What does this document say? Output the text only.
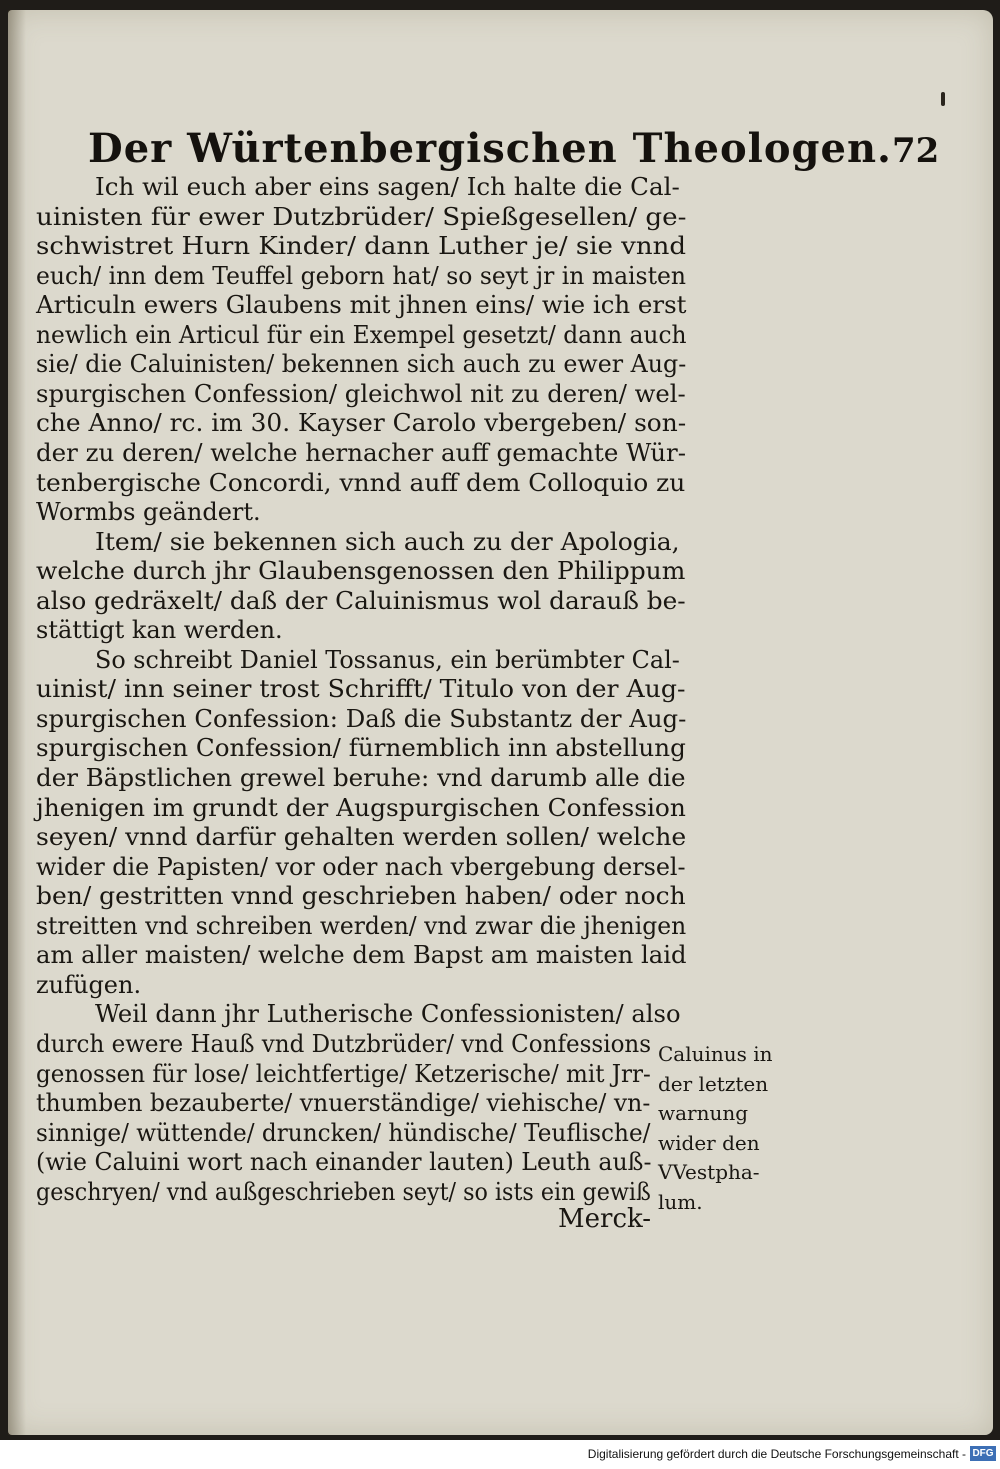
Der Würtenbergischen Theologen. 72
Ich wil euch aber eins sagen/ Ich halte die Cal-
uinisten für ewer Dutzbrüder/ Spießgesellen/ ge-
schwistret Hurn Kinder/ dann Luther je/ sie vnnd
euch/ inn dem Teuffel geborn hat/ so seyt jr in maisten
Articuln ewers Glaubens mit jhnen eins/ wie ich erst
newlich ein Articul für ein Exempel gesetzt/ dann auch
sie/ die Caluinisten/ bekennen sich auch zu ewer Aug-
spurgischen Confession/ gleichwol nit zu deren/ wel-
che Anno/ rc. im 30. Kayser Carolo vbergeben/ son-
der zu deren/ welche hernacher auff gemachte Wür-
tenbergische Concordi, vnnd auff dem Colloquio zu
Wormbs geändert.
Item/ sie bekennen sich auch zu der Apologia,
welche durch jhr Glaubensgenossen den Philippum
also gedräxelt/ daß der Caluinismus wol darauß be-
stättigt kan werden.
So schreibt Daniel Tossanus, ein berümbter Cal-
uinist/ inn seiner trost Schrifft/ Titulo von der Aug-
spurgischen Confession: Daß die Substantz der Aug-
spurgischen Confession/ fürnemblich inn abstellung
der Bäpstlichen grewel beruhe: vnd darumb alle die
jhenigen im grundt der Augspurgischen Confession
seyen/ vnnd darfür gehalten werden sollen/ welche
wider die Papisten/ vor oder nach vbergebung dersel-
ben/ gestritten vnnd geschrieben haben/ oder noch
streitten vnd schreiben werden/ vnd zwar die jhenigen
am aller maisten/ welche dem Bapst am maisten laid
zufügen.
Weil dann jhr Lutherische Confessionisten/ also
durch ewere Hauß vnd Dutzbrüder/ vnd Confessions
genossen für lose/ leichtfertige/ Ketzerische/ mit Jrr-
thumben bezauberte/ vnuerständige/ viehische/ vn-
sinnige/ wüttende/ druncken/ hündische/ Teuflische/
(wie Caluini wort nach einander lauten) Leuth auß-
geschryen/ vnd außgeschrieben seyt/ so ists ein gewiß
Caluinus in
der letzten
warnung
wider den
VVestpha-
lum.
Merck-
Digitalisierung gefördert durch die Deutsche Forschungsgemeinschaft - DFG
